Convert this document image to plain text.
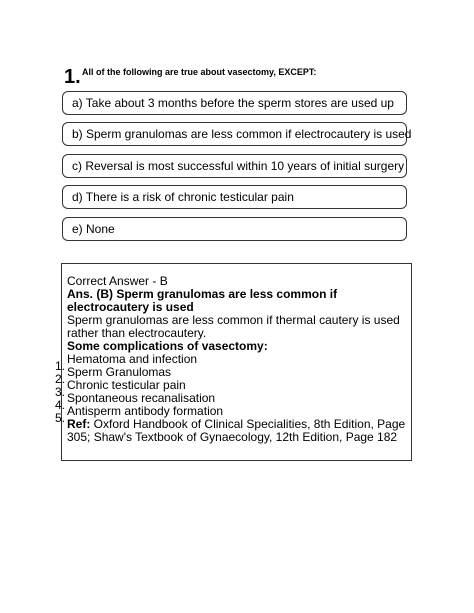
1. All of the following are true about vasectomy, EXCEPT:
a) Take about 3 months before the sperm stores are used up
b) Sperm granulomas are less common if electrocautery is used
c) Reversal is most successful within 10 years of initial surgery
d) There is a risk of chronic testicular pain
e) None
Correct Answer - B
Ans. (B) Sperm granulomas are less common if electrocautery is used
Sperm granulomas are less common if thermal cautery is used rather than electrocautery.
Some complications of vasectomy:
Hematoma and infection
Sperm Granulomas
Chronic testicular pain
Spontaneous recanalisation
Antisperm antibody formation
Ref: Oxford Handbook of Clinical Specialities, 8th Edition, Page 305; Shaw's Textbook of Gynaecology, 12th Edition, Page 182
1.
2.
3.
4.
5.
